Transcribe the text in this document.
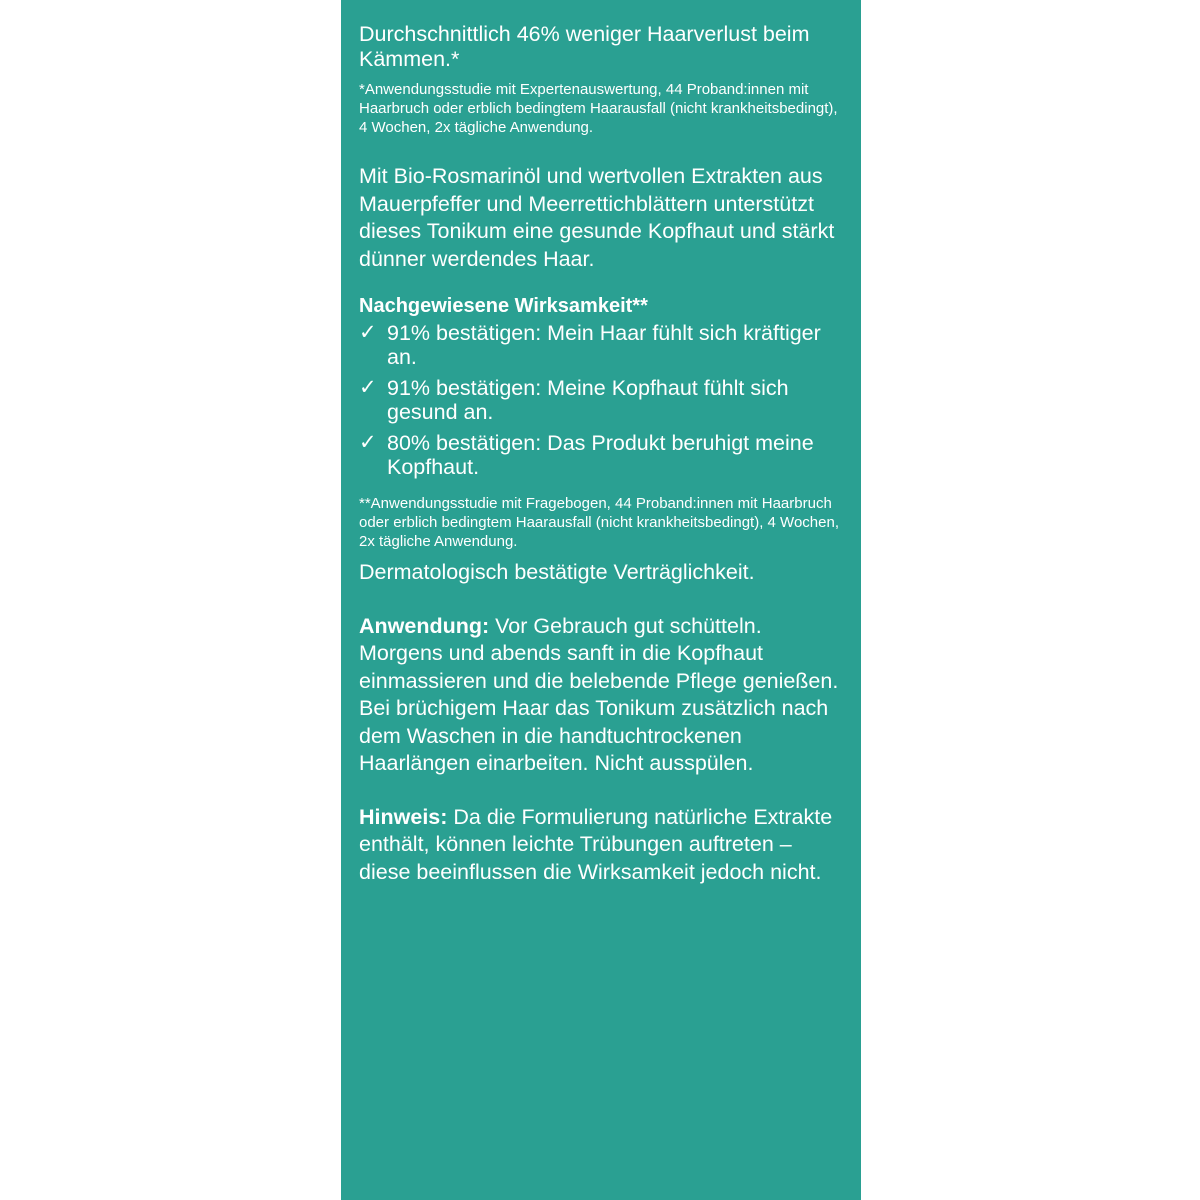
Durchschnittlich 46% weniger Haarverlust beim Kämmen.*

*Anwendungsstudie mit Expertenauswertung, 44 Proband:innen mit Haarbruch oder erblich bedingtem Haarausfall (nicht krankheitsbedingt), 4 Wochen, 2x tägliche Anwendung.

Mit Bio-Rosmarinöl und wertvollen Extrakten aus Mauerpfeffer und Meerrettichblättern unterstützt dieses Tonikum eine gesunde Kopfhaut und stärkt dünner werdendes Haar.

Nachgewiesene Wirksamkeit**

✓ 91% bestätigen: Mein Haar fühlt sich kräftiger an.
✓ 91% bestätigen: Meine Kopfhaut fühlt sich gesund an.
✓ 80% bestätigen: Das Produkt beruhigt meine Kopfhaut.

**Anwendungsstudie mit Fragebogen, 44 Proband:innen mit Haarbruch oder erblich bedingtem Haarausfall (nicht krankheitsbedingt), 4 Wochen, 2x tägliche Anwendung.

Dermatologisch bestätigte Verträglichkeit.

Anwendung: Vor Gebrauch gut schütteln. Morgens und abends sanft in die Kopfhaut einmassieren und die belebende Pflege genießen. Bei brüchigem Haar das Tonikum zusätzlich nach dem Waschen in die handtuchtrockenen Haarlängen einarbeiten. Nicht ausspülen.

Hinweis: Da die Formulierung natürliche Extrakte enthält, können leichte Trübungen auftreten – diese beeinflussen die Wirksamkeit jedoch nicht.
